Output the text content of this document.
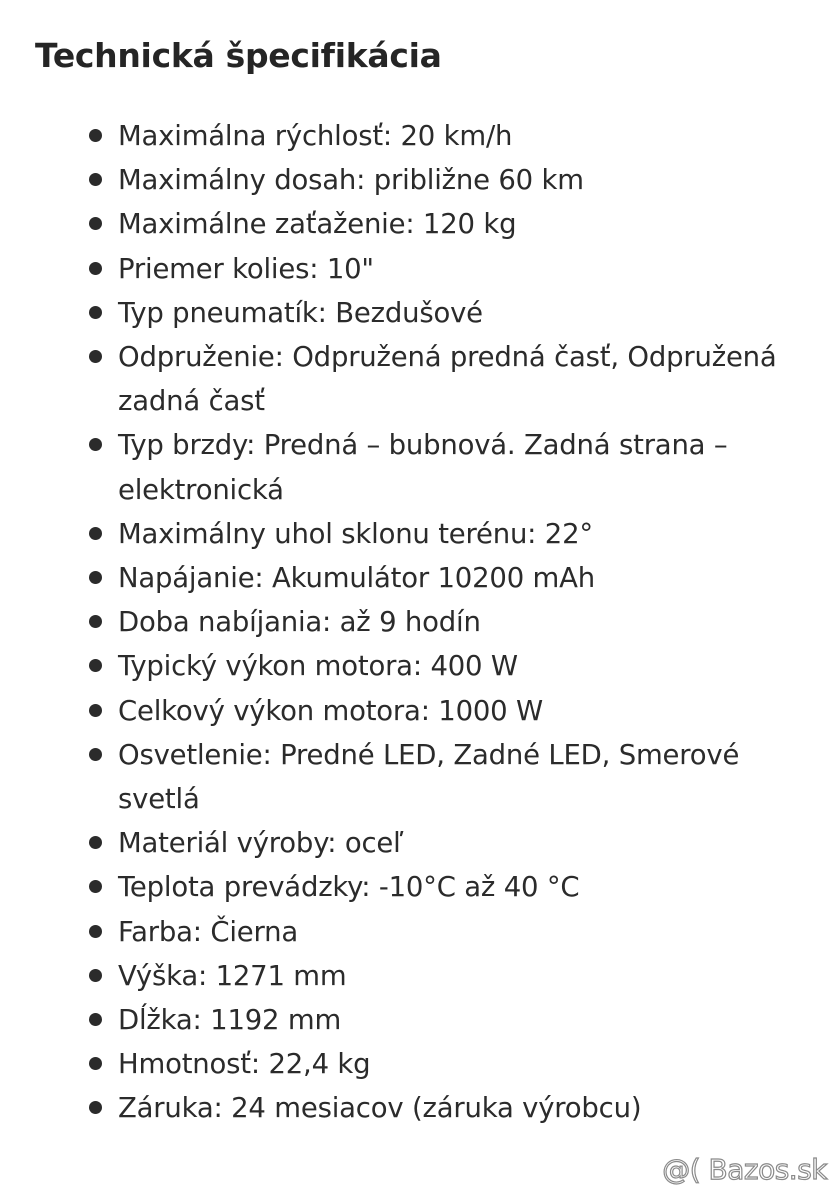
Technická špecifikácia
Maximálna rýchlosť: 20 km/h
Maximálny dosah: približne 60 km
Maximálne zaťaženie: 120 kg
Priemer kolies: 10"
Typ pneumatík: Bezdušové
Odpruženie: Odpružená predná časť, Odpružená zadná časť
Typ brzdy: Predná – bubnová. Zadná strana – elektronická
Maximálny uhol sklonu terénu: 22°
Napájanie: Akumulátor 10200 mAh
Doba nabíjania: až 9 hodín
Typický výkon motora: 400 W
Celkový výkon motora: 1000 W
Osvetlenie: Predné LED, Zadné LED, Smerové svetlá
Materiál výroby: oceľ
Teplota prevádzky: -10°C až 40 °C
Farba: Čierna
Výška: 1271 mm
Dĺžka: 1192 mm
Hmotnosť: 22,4 kg
Záruka: 24 mesiacov (záruka výrobcu)
@( Bazos.sk
